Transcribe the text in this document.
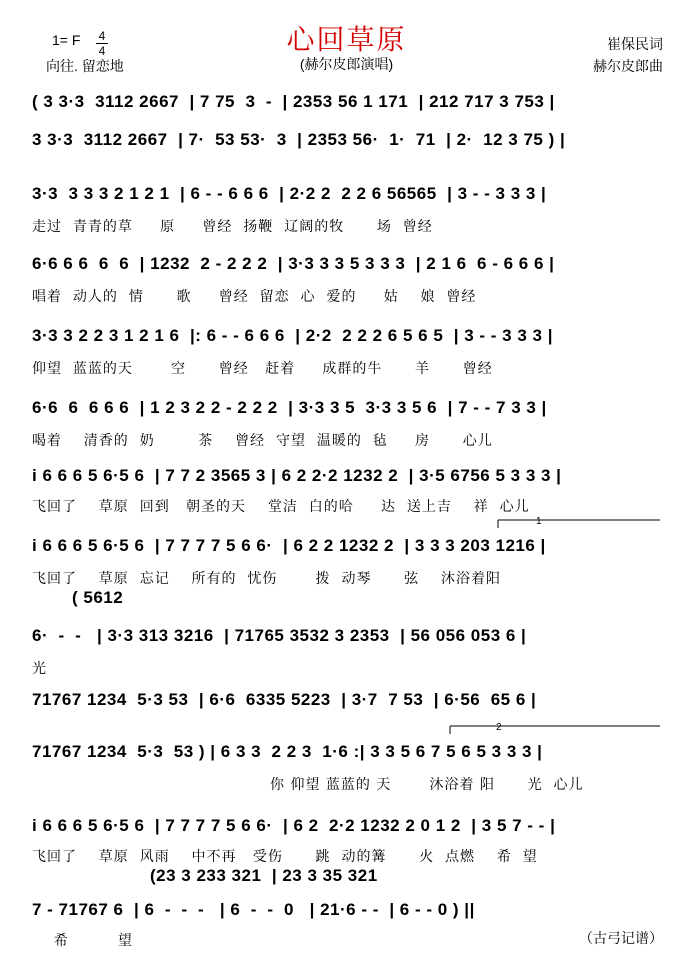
心回草原
(赫尔皮郎演唱)
1= F 4
4
向往. 留恋地
崔保民词
赫尔皮郎曲
( 3 3·3  3112 2667  | 7 75  3  -  | 2353 56 1 171  | 212 717 3 753 |
3 3·3  3112 2667  | 7·  53 53·  3  | 2353 56·  1·  71  | 2·  12 3 75 ) |
3·3  3 3 3 2 1 2 1  | 6 - - 6 6 6  | 2·2 2  2 2 6 56565  | 3 - - 3 3 3 |
走过  青青的草     原     曾经  扬鞭  辽阔的牧      场  曾经
6·6 6 6  6  6  | 1232  2 - 2 2 2  | 3·3 3 3 5 3 3 3  | 2 1 6  6 - 6 6 6 |
唱着  动人的  情      歌     曾经  留恋  心  爱的     姑    娘  曾经
3·3 3 2 2 3 1 2 1 6  |: 6 - - 6 6 6  | 2·2  2 2 2 6 5 6 5  | 3 - - 3 3 3 |
仰望  蓝蓝的天       空      曾经   赶着     成群的牛      羊      曾经
6·6  6  6 6 6  | 1 2 3 2 2 - 2 2 2  | 3·3 3 5  3·3 3 5 6  | 7 - - 7 3 3 |
喝着    清香的  奶        茶    曾经  守望  温暖的  毡     房      心儿
i 6 6 6 5 6·5 6  | 7 7 2 3565 3 | 6 2 2·2 1232 2  | 3·5 6756 5 3 3 3 |
飞回了    草原  回到   朝圣的天    堂洁  白的哈     达  送上吉    祥  心儿
i 6 6 6 5 6·5 6  | 7 7 7 7 5 6 6·  | 6 2 2 1232 2  | 3 3 3 203 1216 |
飞回了    草原  忘记    所有的  忧伤       拨  动琴      弦    沐浴着阳
( 5612
6·  -  -   | 3·3 313 3216  | 71765 3532 3 2353  | 56 056 053 6 |
光
71767 1234  5·3 53  | 6·6  6335 5223  | 3·7  7 53  | 6·56  65 6 |
71767 1234  5·3  53 ) | 6 3 3  2 2 3  1·6 :| 3 3 5 6 7 5 6 5 3 3 3 |
你 仰望 蓝蓝的 天       沐浴着 阳      光  心儿
i 6 6 6 5 6·5 6  | 7 7 7 7 5 6 6·  | 6 2  2·2 1232 2 0 1 2  | 3 5 7 - - |
飞回了    草原  风雨    中不再   受伤      跳  动的篝      火  点燃    希  望
(23 3 233 321  | 23 3 35 321
7 - 71767 6  | 6  -  -  -   | 6  -  -  0   | 21·6 - -  | 6 - - 0 ) ||
希         望	（古弓记谱）
1
2
